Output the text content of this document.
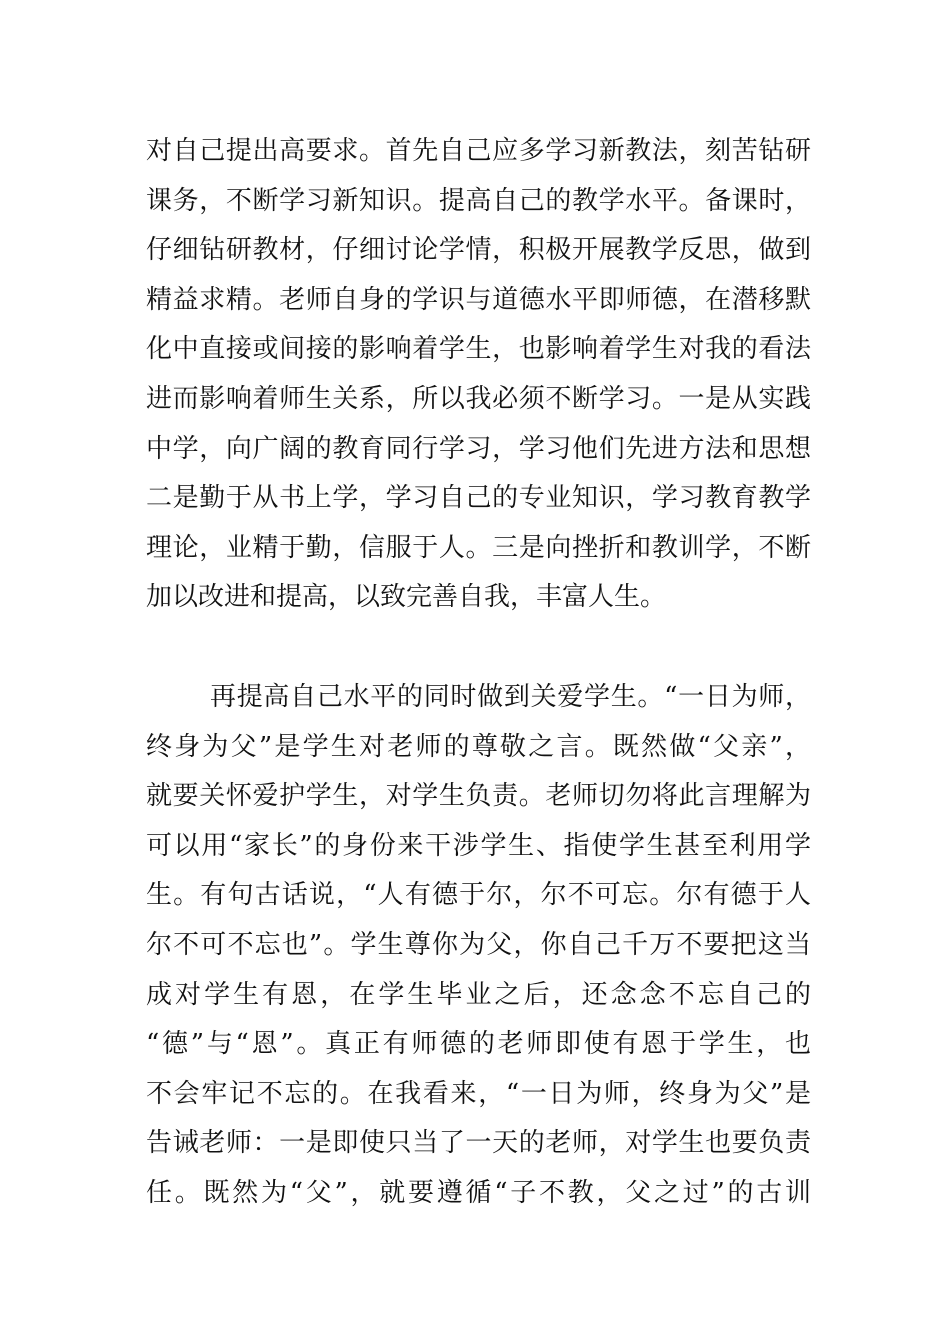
对自己提出高要求。首先自己应多学习新教法，刻苦钻研
课务，不断学习新知识。提高自己的教学水平。备课时，
仔细钻研教材，仔细讨论学情，积极开展教学反思，做到
精益求精。老师自身的学识与道德水平即师德，在潜移默
化中直接或间接的影响着学生，也影响着学生对我的看法
进而影响着师生关系，所以我必须不断学习。一是从实践
中学，向广阔的教育同行学习，学习他们先进方法和思想
二是勤于从书上学，学习自己的专业知识，学习教育教学
理论，业精于勤，信服于人。三是向挫折和教训学，不断
加以改进和提高，以致完善自我，丰富人生。

再提高自己水平的同时做到关爱学生。“一日为师，
终身为父”是学生对老师的尊敬之言。既然做“父亲”，
就要关怀爱护学生，对学生负责。老师切勿将此言理解为
可以用“家长”的身份来干涉学生、指使学生甚至利用学
生。有句古话说，“人有德于尔，尔不可忘。尔有德于人
尔不可不忘也”。学生尊你为父，你自己千万不要把这当
成对学生有恩，在学生毕业之后，还念念不忘自己的
“德”与“恩”。真正有师德的老师即使有恩于学生，也
不会牢记不忘的。在我看来，“一日为师，终身为父”是
告诫老师：一是即使只当了一天的老师，对学生也要负责
任。既然为“父”，就要遵循“子不教，父之过”的古训
